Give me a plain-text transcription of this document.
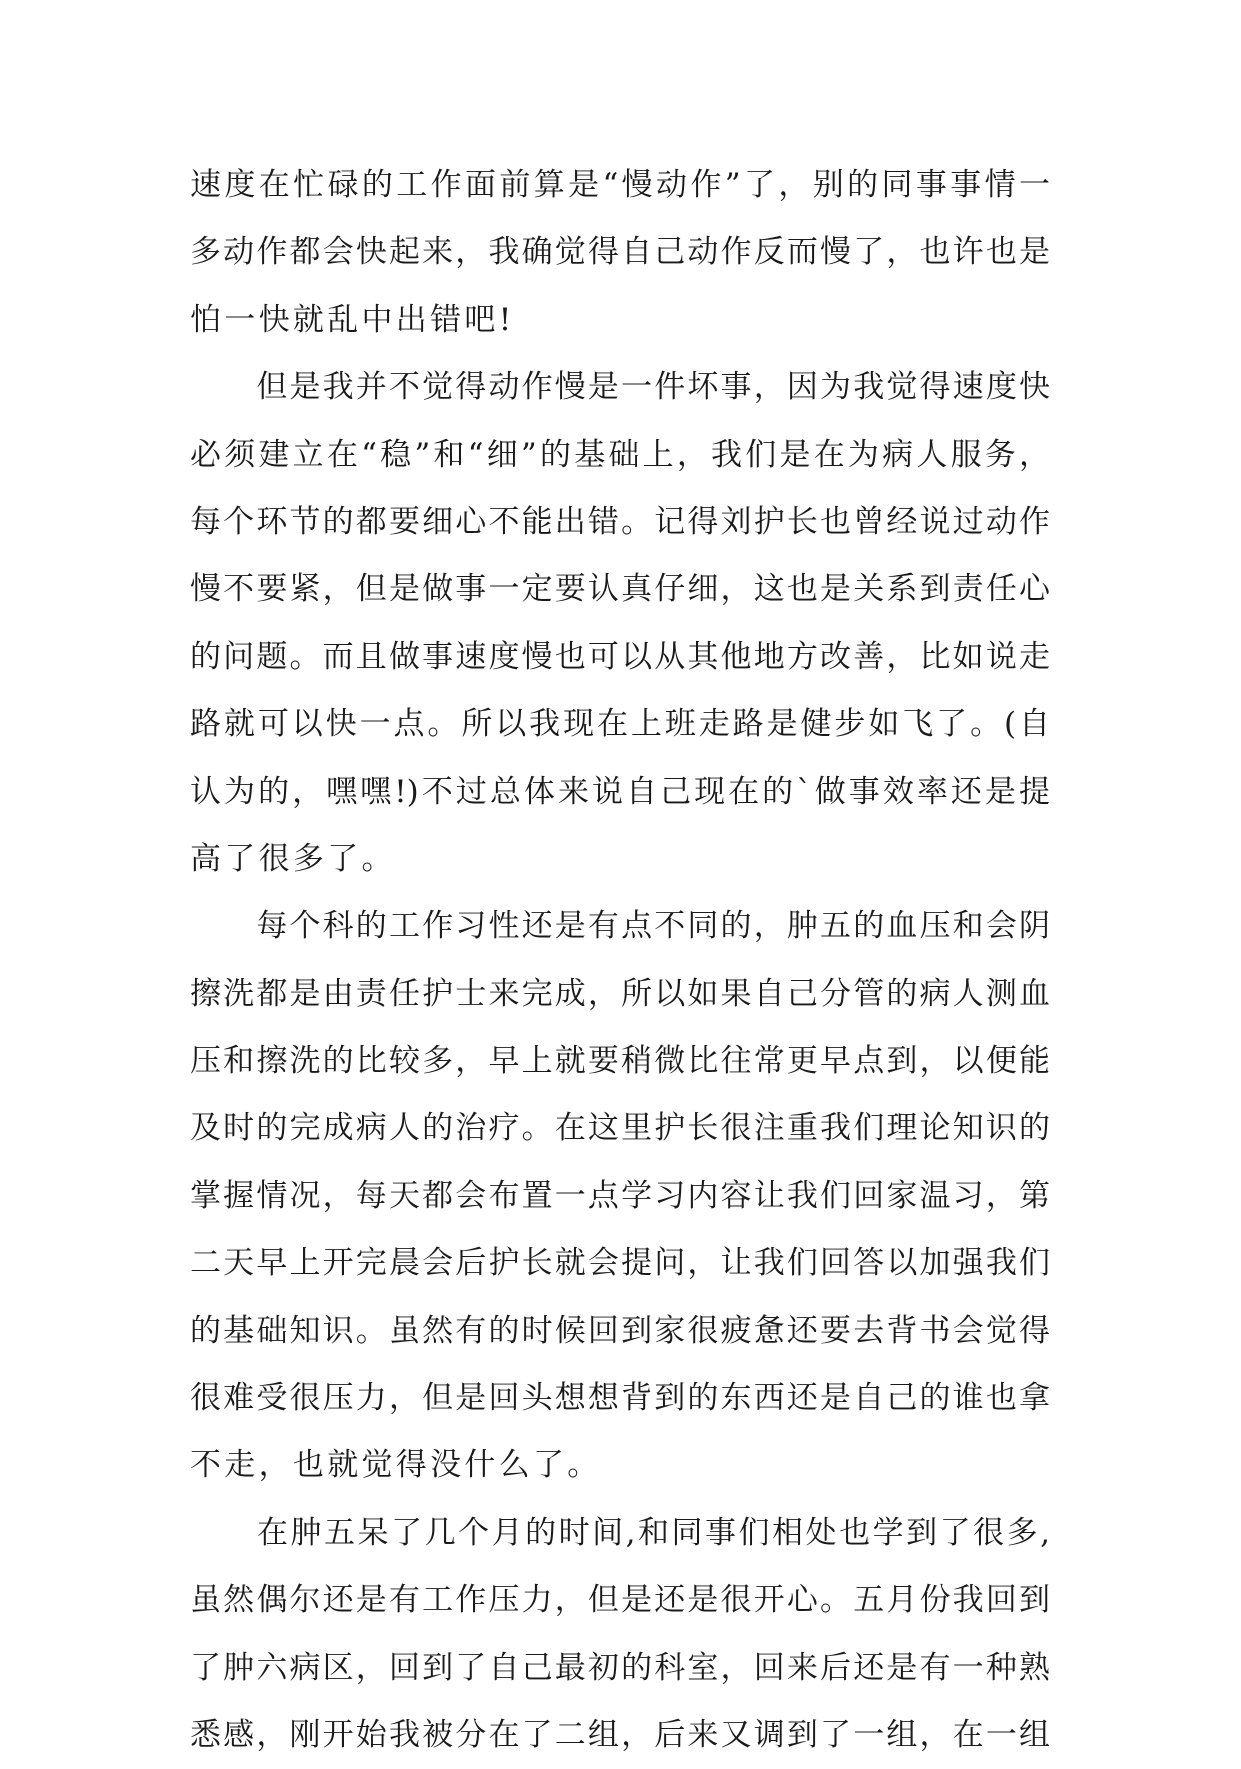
速度在忙碌的工作面前算是“慢动作”了，别的同事事情一
多动作都会快起来，我确觉得自己动作反而慢了，也许也是
怕一快就乱中出错吧!
　　但是我并不觉得动作慢是一件坏事，因为我觉得速度快
必须建立在“稳”和“细”的基础上，我们是在为病人服务，
每个环节的都要细心不能出错。记得刘护长也曾经说过动作
慢不要紧，但是做事一定要认真仔细，这也是关系到责任心
的问题。而且做事速度慢也可以从其他地方改善，比如说走
路就可以快一点。所以我现在上班走路是健步如飞了。(自
认为的，嘿嘿!)不过总体来说自己现在的`做事效率还是提
高了很多了。
　　每个科的工作习性还是有点不同的，肿五的血压和会阴
擦洗都是由责任护士来完成，所以如果自己分管的病人测血
压和擦洗的比较多，早上就要稍微比往常更早点到，以便能
及时的完成病人的治疗。在这里护长很注重我们理论知识的
掌握情况，每天都会布置一点学习内容让我们回家温习，第
二天早上开完晨会后护长就会提问，让我们回答以加强我们
的基础知识。虽然有的时候回到家很疲惫还要去背书会觉得
很难受很压力，但是回头想想背到的东西还是自己的谁也拿
不走，也就觉得没什么了。
　　在肿五呆了几个月的时间,和同事们相处也学到了很多,
虽然偶尔还是有工作压力，但是还是很开心。五月份我回到
了肿六病区，回到了自己最初的科室，回来后还是有一种熟
悉感，刚开始我被分在了二组，后来又调到了一组，在一组
